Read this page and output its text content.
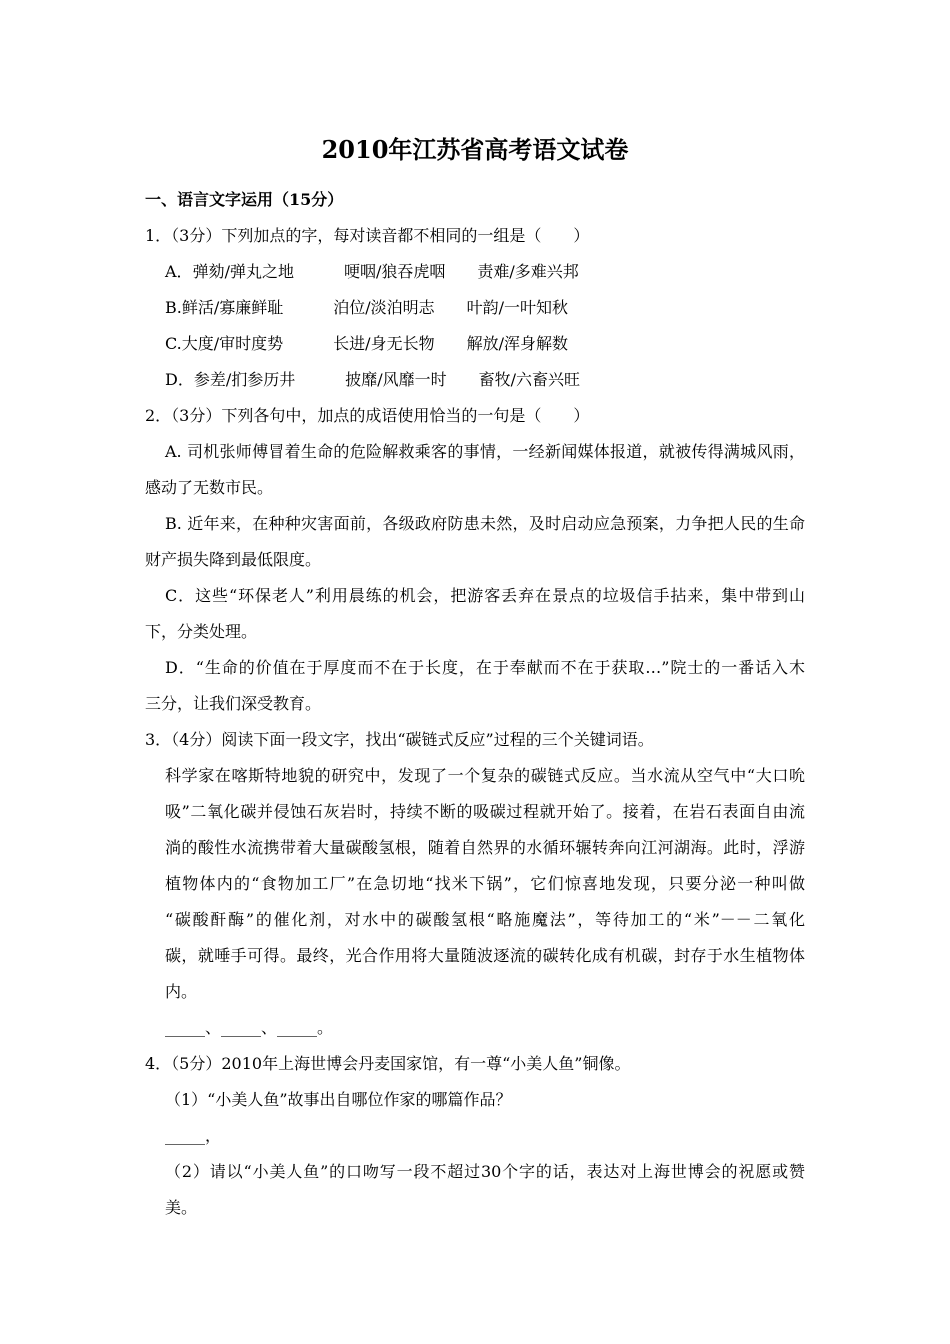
2010年江苏省高考语文试卷
一、语言文字运用（15分）
1．（3分）下列加点的字，每对读音都不相同的一组是（　　）
A．弹劾/弹丸之地	哽咽/狼吞虎咽 责难/多难兴邦
B.鲜活/寡廉鲜耻	泊位/淡泊明志 叶韵/一叶知秋
C.大度/审时度势	长进/身无长物 解放/浑身解数
D．参差/扪参历井	披靡/风靡一时 畜牧/六畜兴旺
2．（3分）下列各句中，加点的成语使用恰当的一句是（　　）
A. 司机张师傅冒着生命的危险解救乘客的事情，一经新闻媒体报道，就被传得满城风雨，
感动了无数市民。
B. 近年来，在种种灾害面前，各级政府防患未然，及时启动应急预案，力争把人民的生命
财产损失降到最低限度。
C．这些“环保老人”利用晨练的机会，把游客丢弃在景点的垃圾信手拈来，集中带到山
下，分类处理。
D．“生命的价值在于厚度而不在于长度，在于奉献而不在于获取…”院士的一番话入木
三分，让我们深受教育。
3．（4分）阅读下面一段文字，找出“碳链式反应”过程的三个关键词语。
科学家在喀斯特地貌的研究中，发现了一个复杂的碳链式反应。当水流从空气中“大口吮
吸”二氧化碳并侵蚀石灰岩时，持续不断的吸碳过程就开始了。接着，在岩石表面自由流
淌的酸性水流携带着大量碳酸氢根，随着自然界的水循环辗转奔向江河湖海。此时，浮游
植物体内的“食物加工厂”在急切地“找米下锅”，它们惊喜地发现，只要分泌一种叫做
“碳酸酐酶”的催化剂，对水中的碳酸氢根“略施魔法”，等待加工的“米”－－二氧化
碳，就唾手可得。最终，光合作用将大量随波逐流的碳转化成有机碳，封存于水生植物体
内。
_____、_____、_____。
4．（5分）2010年上海世博会丹麦国家馆，有一尊“小美人鱼”铜像。
（1）“小美人鱼”故事出自哪位作家的哪篇作品？
_____，
（2）请以“小美人鱼”的口吻写一段不超过30个字的话，表达对上海世博会的祝愿或赞
美。
